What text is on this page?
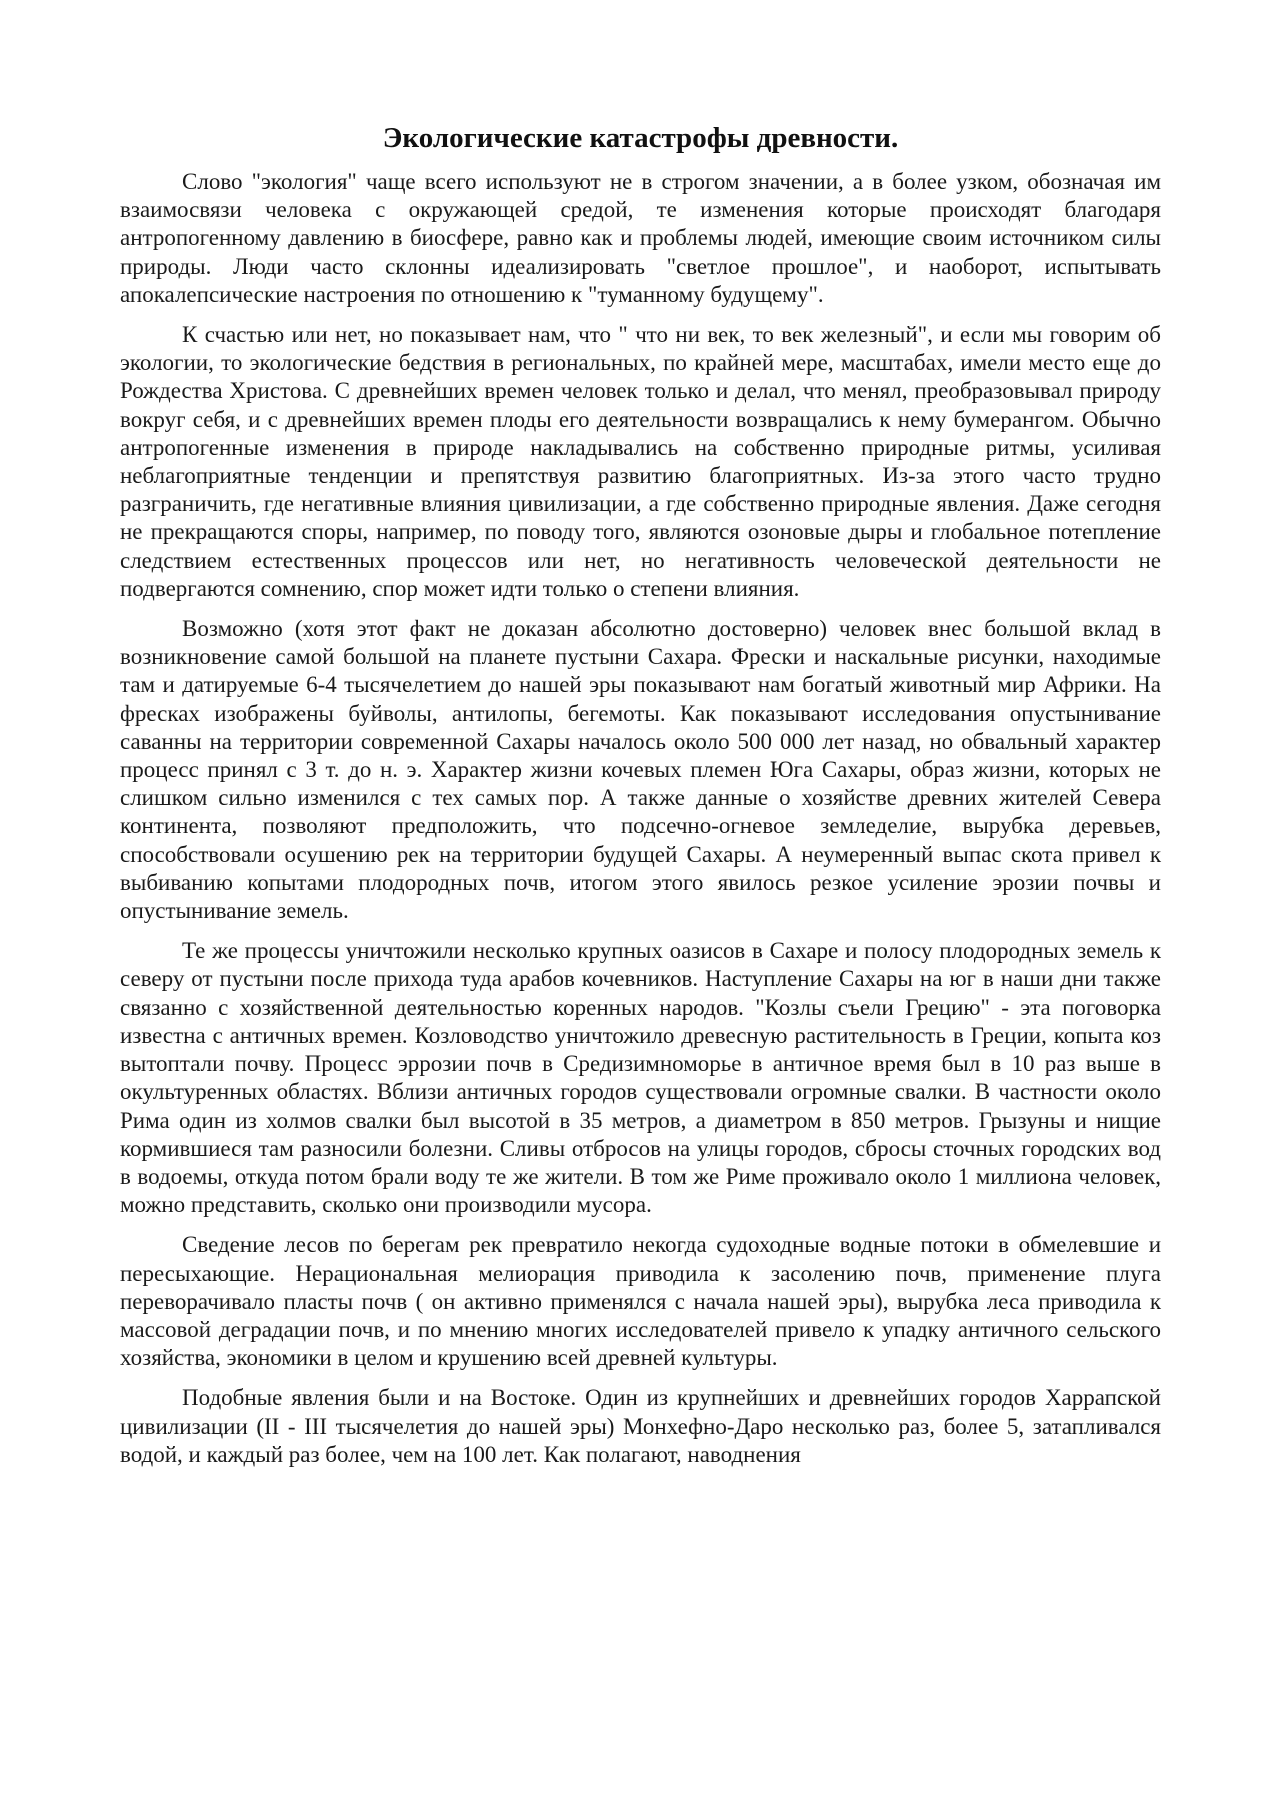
Экологические катастрофы древности.

Слово "экология" чаще всего используют не в строгом значении, а в более узком, обозначая им взаимосвязи человека с окружающей средой, те изменения которые происходят благодаря антропогенному давлению в биосфере, равно как и проблемы людей, имеющие своим источником силы природы. Люди часто склонны идеализировать "светлое прошлое", и наоборот, испытывать апокалепсические настроения по отношению к "туманному будущему".

К счастью или нет, но показывает нам, что " что ни век, то век железный", и если мы говорим об экологии, то экологические бедствия в региональных, по крайней мере, масштабах, имели место еще до Рождества Христова. С древнейших времен человек только и делал, что менял, преобразовывал природу вокруг себя, и с древнейших времен плоды его деятельности возвращались к нему бумерангом. Обычно антропогенные изменения в природе накладывались на собственно природные ритмы, усиливая неблагоприятные тенденции и препятствуя развитию благоприятных. Из-за этого часто трудно разграничить, где негативные влияния цивилизации, а где собственно природные явления. Даже сегодня не прекращаются споры, например, по поводу того, являются озоновые дыры и глобальное потепление следствием естественных процессов или нет, но негативность человеческой деятельности не подвергаются сомнению, спор может идти только о степени влияния.

Возможно (хотя этот факт не доказан абсолютно достоверно) человек внес большой вклад в возникновение самой большой на планете пустыни Сахара. Фрески и наскальные рисунки, находимые там и датируемые 6-4 тысячелетием до нашей эры показывают нам богатый животный мир Африки. На фресках изображены буйволы, антилопы, бегемоты. Как показывают исследования опустынивание саванны на территории современной Сахары началось около 500 000 лет назад, но обвальный характер процесс принял с 3 т. до н. э. Характер жизни кочевых племен Юга Сахары, образ жизни, которых не слишком сильно изменился с тех самых пор. А также данные о хозяйстве древних жителей Севера континента, позволяют предположить, что подсечно-огневое земледелие, вырубка деревьев, способствовали осушению рек на территории будущей Сахары. А неумеренный выпас скота привел к выбиванию копытами плодородных почв, итогом этого явилось резкое усиление эрозии почвы и опустынивание земель.

Те же процессы уничтожили несколько крупных оазисов в Сахаре и полосу плодородных земель к северу от пустыни после прихода туда арабов кочевников. Наступление Сахары на юг в наши дни также связанно с хозяйственной деятельностью коренных народов. "Козлы съели Грецию" - эта поговорка известна с античных времен. Козловодство уничтожило древесную растительность в Греции, копыта коз вытоптали почву. Процесс эррозии почв в Средизимноморье в античное время был в 10 раз выше в окультуренных областях. Вблизи античных городов существовали огромные свалки. В частности около Рима один из холмов свалки был высотой в 35 метров, а диаметром в 850 метров. Грызуны и нищие кормившиеся там разносили болезни. Сливы отбросов на улицы городов, сбросы сточных городских вод в водоемы, откуда потом брали воду те же жители. В том же Риме проживало около 1 миллиона человек, можно представить, сколько они производили мусора.

Сведение лесов по берегам рек превратило некогда судоходные водные потоки в обмелевшие и пересыхающие. Нерациональная мелиорация приводила к засолению почв, применение плуга переворачивало пласты почв ( он активно применялся с начала нашей эры), вырубка леса приводила к массовой деградации почв, и по мнению многих исследователей привело к упадку античного сельского хозяйства, экономики в целом и крушению всей древней культуры.

Подобные явления были и на Востоке. Один из крупнейших и древнейших городов Харрапской цивилизации (II - III тысячелетия до нашей эры) Монхефно-Даро несколько раз, более 5, затапливался водой, и каждый раз более, чем на 100 лет. Как полагают, наводнения
